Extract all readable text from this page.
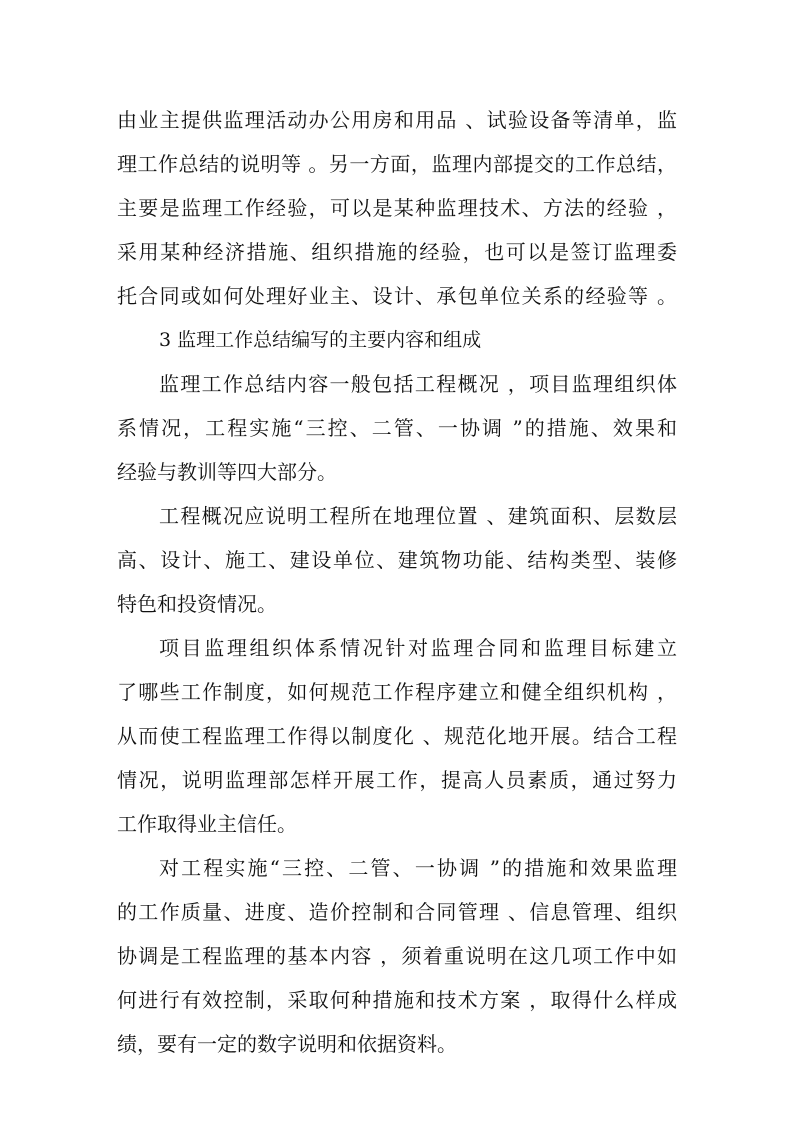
由业主提供监理活动办公用房和用品 、试验设备等清单，监
理工作总结的说明等 。另一方面，监理内部提交的工作总结，
主要是监理工作经验，可以是某种监理技术、方法的经验 ，
采用某种经济措施、组织措施的经验，也可以是签订监理委
托合同或如何处理好业主、设计、承包单位关系的经验等 。
3 监理工作总结编写的主要内容和组成
监理工作总结内容一般包括工程概况 ，项目监理组织体
系情况，工程实施“三控、二管、一协调 ”的措施、效果和
经验与教训等四大部分。
工程概况应说明工程所在地理位置 、建筑面积、层数层
高、设计、施工、建设单位、建筑物功能、结构类型、装修
特色和投资情况。
项目监理组织体系情况针对监理合同和监理目标建立
了哪些工作制度，如何规范工作程序建立和健全组织机构 ，
从而使工程监理工作得以制度化 、规范化地开展。结合工程
情况，说明监理部怎样开展工作，提高人员素质，通过努力
工作取得业主信任。
对工程实施“三控、二管、一协调 ”的措施和效果监理
的工作质量、进度、造价控制和合同管理 、信息管理、组织
协调是工程监理的基本内容 ，须着重说明在这几项工作中如
何进行有效控制，采取何种措施和技术方案 ，取得什么样成
绩，要有一定的数字说明和依据资料。
